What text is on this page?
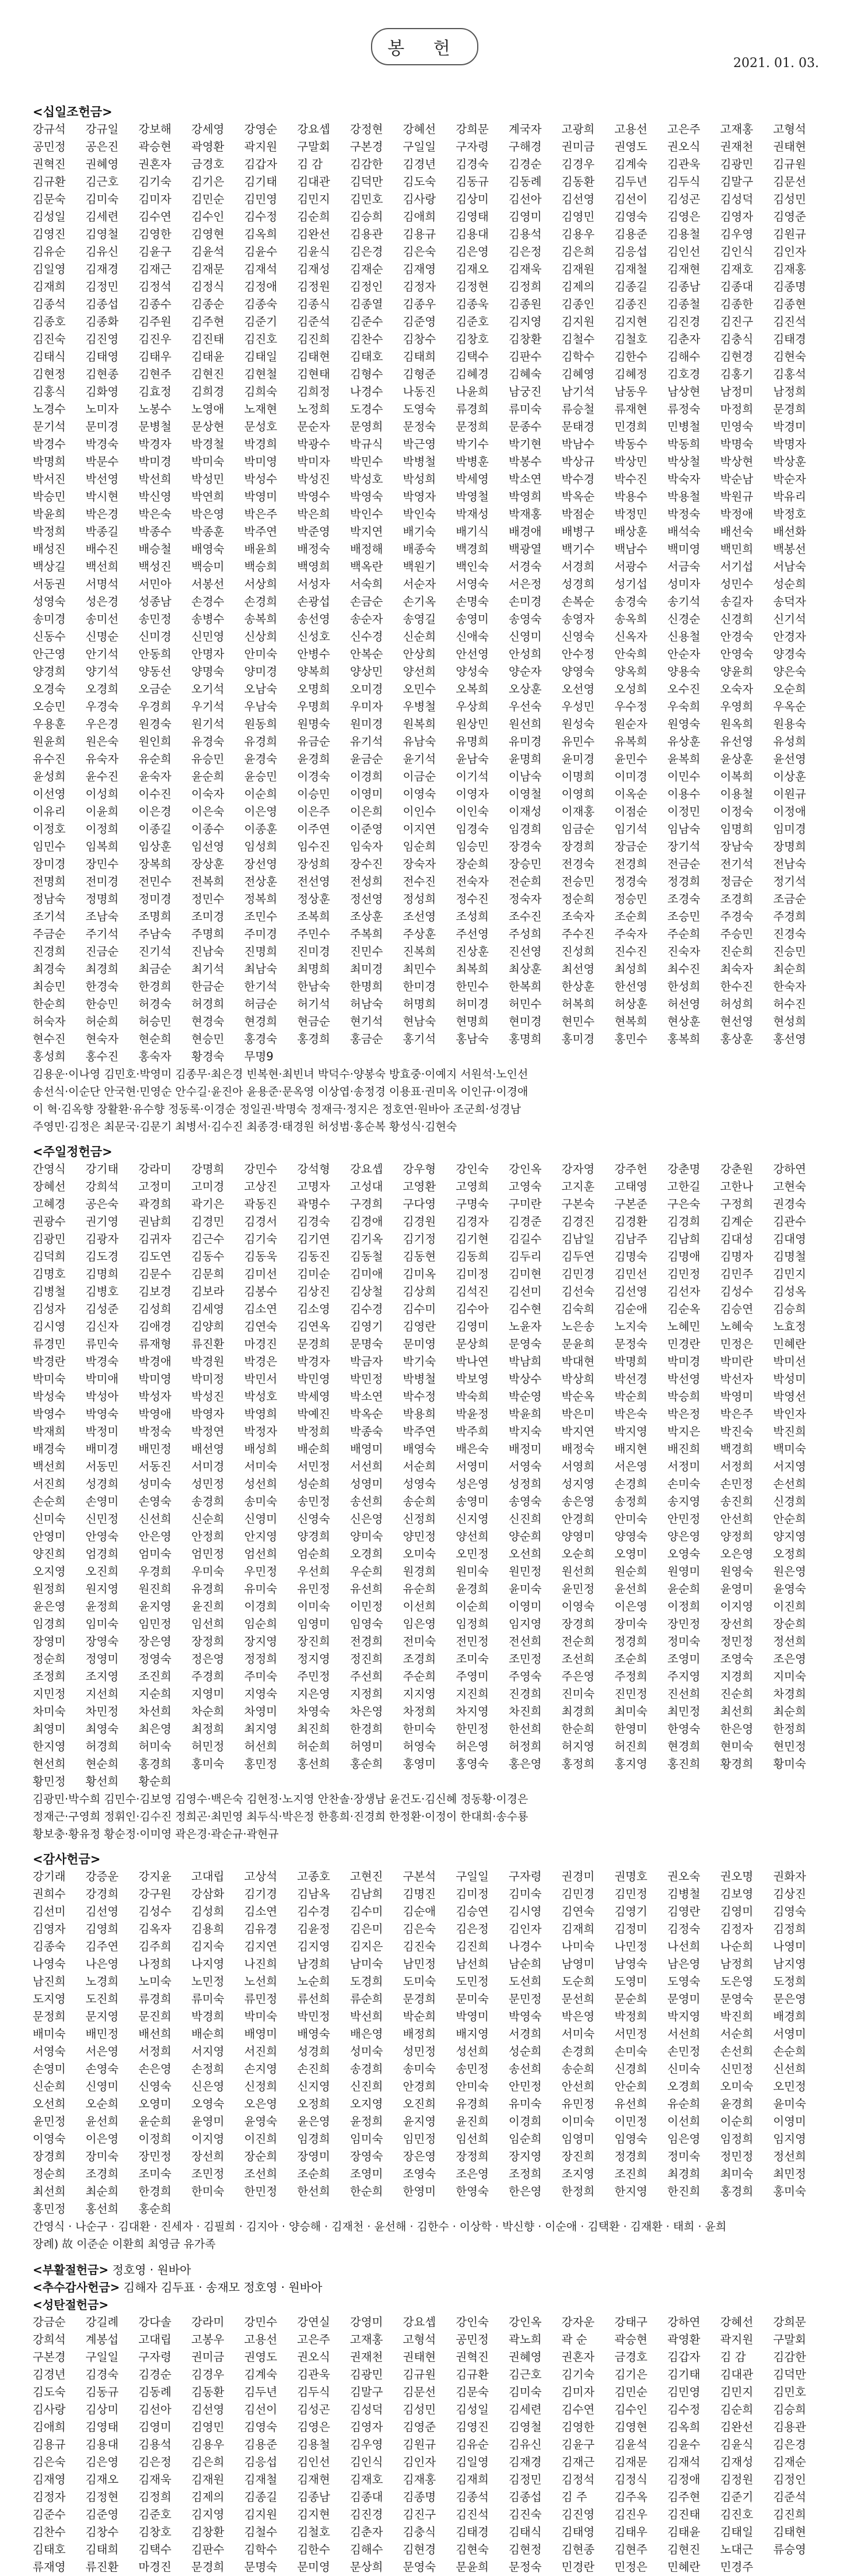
봉 헌
2021. 01. 03.
<십일조헌금>
강규석	강규일	강보해	강세영	강영순	강요셉	강정현	강혜선	강희문	계국자	고광희	고용선	고은주	고재홍	고형석
공민정	공은진	곽승현	곽영환	곽지원	구말회	구본경	구일일	구자령	구해경	권미금	권영도	권오식	권재천	권태현
권혁진	권혜영	권혼자	금경호	김갑자	김 감	김감한	김경년	김경숙	김경순	김경우	김계숙	김관욱	김광민	김규원
김규환	김근호	김기숙	김기은	김기태	김대관	김덕만	김도숙	김동규	김동례	김동환	김두년	김두식	김말구	김문선
김문숙	김미숙	김미자	김민순	김민영	김민지	김민호	김사랑	김상미	김선아	김선영	김선이	김성곤	김성덕	김성민
김성일	김세련	김수연	김수인	김수정	김순희	김승희	김애희	김영태	김영미	김영민	김영숙	김영은	김영자	김영준
김영진	김영철	김영한	김영현	김옥희	김완선	김용관	김용규	김용대	김용석	김용우	김용준	김용철	김우영	김원규
김유순	김유신	김윤구	김윤석	김윤수	김윤식	김은경	김은숙	김은영	김은정	김은희	김응섭	김인선	김인식	김인자
김일영	김재경	김재근	김재문	김재석	김재성	김재순	김재영	김재오	김재욱	김재원	김재철	김재현	김재호	김재홍
김재희	김정민	김정석	김정식	김정애	김정원	김정인	김정자	김정현	김정희	김제의	김종길	김종남	김종대	김종명
김종석	김종섭	김종수	김종순	김종숙	김종식	김종열	김종우	김종욱	김종원	김종인	김종진	김종철	김종한	김종현
김종호	김종화	김주원	김주현	김준기	김준석	김준수	김준영	김준호	김지영	김지원	김지현	김진경	김진구	김진석
김진숙	김진영	김진우	김진태	김진호	김진희	김찬수	김창수	김창호	김창환	김철수	김철호	김춘자	김충식	김태경
김태식	김태영	김태우	김태윤	김태일	김태현	김태호	김태희	김택수	김판수	김학수	김한수	김해수	김현경	김현숙
김현정	김현종	김현주	김현진	김현철	김현태	김형수	김형준	김혜경	김혜숙	김혜영	김혜정	김호경	김홍기	김홍석
김홍식	김화영	김효정	김희경	김희숙	김희정	나경수	나동진	나윤희	남궁진	남기석	남동우	남상현	남정미	남정희
노경수	노미자	노봉수	노영애	노재현	노정희	도경수	도영숙	류경희	류미숙	류승철	류재현	류정숙	마정희	문경희
문기석	문미경	문병철	문상현	문성호	문순자	문영희	문정숙	문정희	문종수	문태경	민경희	민병철	민영숙	박경미
박경수	박경숙	박경자	박경철	박경희	박광수	박규식	박근영	박기수	박기현	박남수	박동수	박동희	박명숙	박명자
박명희	박문수	박미경	박미숙	박미영	박미자	박민수	박병철	박병훈	박봉수	박상규	박상민	박상철	박상현	박상훈
박서진	박선영	박선희	박성민	박성수	박성진	박성호	박성희	박세영	박소연	박수경	박수진	박숙자	박순남	박순자
박승민	박시현	박신영	박연희	박영미	박영수	박영숙	박영자	박영철	박영희	박옥순	박용수	박용철	박원규	박유리
박윤희	박은경	박은숙	박은영	박은주	박은희	박인수	박인숙	박재성	박재홍	박점순	박정민	박정숙	박정애	박정호
박정희	박종길	박종수	박종훈	박주연	박준영	박지연	배기숙	배기식	배경애	배병구	배상훈	배석숙	배선숙	배선화
배성진	배수진	배승철	배영숙	배윤희	배정숙	배정해	배종숙	백경희	백광열	백기수	백남수	백미영	백민희	백봉선
백상길	백선희	백성진	백승미	백승희	백영희	백옥란	백원기	백인숙	서경숙	서경희	서광수	서금숙	서기섭	서남숙
서동권	서명석	서민아	서봉선	서상희	서성자	서숙희	서순자	서영숙	서은정	성경희	성기섭	성미자	성민수	성순희
성영숙	성은경	성종남	손경수	손경희	손광섭	손금순	손기옥	손명숙	손미경	손복순	송경숙	송기석	송길자	송덕자
송미경	송미선	송민정	송병수	송복희	송선영	송순자	송영길	송영미	송영숙	송영자	송옥희	신경순	신경희	신기석
신동수	신명순	신미경	신민영	신상희	신성호	신수경	신순희	신애숙	신영미	신영숙	신옥자	신용철	안경숙	안경자
안근영	안기석	안동희	안명자	안미숙	안병수	안복순	안상희	안선영	안성희	안수정	안숙희	안순자	안영숙	양경숙
양경희	양기석	양동선	양명숙	양미경	양복희	양상민	양선희	양성숙	양순자	양영숙	양옥희	양용숙	양윤희	양은숙
오경숙	오경희	오금순	오기석	오남숙	오명희	오미경	오민수	오복희	오상훈	오선영	오성희	오수진	오숙자	오순희
오승민	우경숙	우경희	우기석	우남숙	우명희	우미자	우병철	우상희	우선숙	우성민	우수정	우숙희	우영희	우옥순
우용훈	우은경	원경숙	원기석	원동희	원명숙	원미경	원복희	원상민	원선희	원성숙	원순자	원영숙	원옥희	원용숙
원윤희	원은숙	원인희	유경숙	유경희	유금순	유기석	유남숙	유명희	유미경	유민수	유복희	유상훈	유선영	유성희
유수진	유숙자	유순희	유승민	윤경숙	윤경희	윤금순	윤기석	윤남숙	윤명희	윤미경	윤민수	윤복희	윤상훈	윤선영
윤성희	윤수진	윤숙자	윤순희	윤승민	이경숙	이경희	이금순	이기석	이남숙	이명희	이미경	이민수	이복희	이상훈
이선영	이성희	이수진	이숙자	이순희	이승민	이영미	이영숙	이영자	이영철	이영희	이옥순	이용수	이용철	이원규
이유리	이윤희	이은경	이은숙	이은영	이은주	이은희	이인수	이인숙	이재성	이재홍	이점순	이정민	이정숙	이정애
이정호	이정희	이종길	이종수	이종훈	이주연	이준영	이지연	임경숙	임경희	임금순	임기석	임남숙	임명희	임미경
임민수	임복희	임상훈	임선영	임성희	임수진	임숙자	임순희	임승민	장경숙	장경희	장금순	장기석	장남숙	장명희
장미경	장민수	장복희	장상훈	장선영	장성희	장수진	장숙자	장순희	장승민	전경숙	전경희	전금순	전기석	전남숙
전명희	전미경	전민수	전복희	전상훈	전선영	전성희	전수진	전숙자	전순희	전승민	정경숙	정경희	정금순	정기석
정남숙	정명희	정미경	정민수	정복희	정상훈	정선영	정성희	정수진	정숙자	정순희	정승민	조경숙	조경희	조금순
조기석	조남숙	조명희	조미경	조민수	조복희	조상훈	조선영	조성희	조수진	조숙자	조순희	조승민	주경숙	주경희
주금순	주기석	주남숙	주명희	주미경	주민수	주복희	주상훈	주선영	주성희	주수진	주숙자	주순희	주승민	진경숙
진경희	진금순	진기석	진남숙	진명희	진미경	진민수	진복희	진상훈	진선영	진성희	진수진	진숙자	진순희	진승민
최경숙	최경희	최금순	최기석	최남숙	최명희	최미경	최민수	최복희	최상훈	최선영	최성희	최수진	최숙자	최순희
최승민	한경숙	한경희	한금순	한기석	한남숙	한명희	한미경	한민수	한복희	한상훈	한선영	한성희	한수진	한숙자
한순희	한승민	허경숙	허경희	허금순	허기석	허남숙	허명희	허미경	허민수	허복희	허상훈	허선영	허성희	허수진
허숙자	허순희	허승민	현경숙	현경희	현금순	현기석	현남숙	현명희	현미경	현민수	현복희	현상훈	현선영	현성희
현수진	현숙자	현순희	현승민	홍경숙	홍경희	홍금순	홍기석	홍남숙	홍명희	홍미경	홍민수	홍복희	홍상훈	홍선영
홍성희	홍수진	홍숙자	황경숙	무명9
김용운·이나영 김민호·박영미 김종무·최은경 빈복현·최빈녀 박덕수·양봉숙 방효중·이예지 서원석·노인선
송선식·이순단 안국현·민영순 안수길·윤진아 윤용준·문옥영 이상엽·송정경 이용표·권미옥 이인규·이경애
이 혁·김옥향 장활환·유수향 정동록·이경순 정일권·박명숙 정재극·정지은 정호연·원바아 조군희·성경남
주영민·김정은 최문국·김문기 최병서·김수진 최종경·태경원 허성범·홍순복 황성식·김현숙
<주일정헌금>
간영식	강기태	강라미	강명희	강민수	강석형	강요셉	강우형	강인숙	강인옥	강자영	강주헌	강춘명	강춘원	강하연
장혜선	강희석	고정미	고미경	고상진	고명자	고성대	고영환	고영희	고영숙	고지훈	고태영	고한길	고한나	고현숙
고혜경	공은숙	곽경희	곽기은	곽동진	곽명수	구경희	구다영	구명숙	구미란	구본숙	구본준	구은숙	구정희	권경숙
권광수	권기영	권남희	김경민	김경서	김경숙	김경애	김경원	김경자	김경준	김경진	김경환	김경희	김계순	김관수
김광민	김광자	김귀자	김근수	김기숙	김기연	김기옥	김기정	김기현	김길수	김남일	김남주	김남희	김대성	김대영
김덕희	김도경	김도연	김동수	김동욱	김동진	김동철	김동현	김동희	김두리	김두연	김명숙	김명애	김명자	김명철
김명호	김명희	김문수	김문희	김미선	김미순	김미애	김미옥	김미정	김미현	김민경	김민선	김민정	김민주	김민지
김병철	김병호	김보경	김보라	김봉수	김상진	김상철	김상희	김석진	김선미	김선숙	김선영	김선자	김성수	김성옥
김성자	김성준	김성희	김세영	김소연	김소영	김수경	김수미	김수아	김수현	김숙희	김순애	김순옥	김승연	김승희
김시영	김신자	김애경	김양희	김연숙	김연옥	김영기	김영란	김영미	노윤자	노은송	노지숙	노혜민	노혜숙	노효정
류경민	류민숙	류재형	류진환	마경진	문경희	문명숙	문미영	문상희	문영숙	문윤희	문정숙	민경란	민정은	민혜란
박경란	박경숙	박경애	박경원	박경은	박경자	박금자	박기숙	박나연	박남희	박대현	박명희	박미경	박미란	박미선
박미숙	박미애	박미영	박미정	박민서	박민영	박민정	박병철	박보영	박상수	박상희	박선경	박선영	박선자	박성미
박성숙	박성아	박성자	박성진	박성호	박세영	박소연	박수정	박숙희	박순영	박순옥	박순희	박승희	박영미	박영선
박영수	박영숙	박영애	박영자	박영희	박예진	박옥순	박용희	박윤정	박윤희	박은미	박은숙	박은정	박은주	박인자
박재희	박정미	박정숙	박정연	박정자	박정희	박종숙	박주연	박주희	박지숙	박지연	박지영	박지은	박진숙	박진희
배경숙	배미경	배민정	배선영	배성희	배순희	배영미	배영숙	배은숙	배정미	배정숙	배지현	배진희	백경희	백미숙
백선희	서동민	서동진	서미경	서미숙	서민정	서선희	서순희	서영미	서영숙	서영희	서은영	서정미	서정희	서지영
서진희	성경희	성미숙	성민정	성선희	성순희	성영미	성영숙	성은영	성정희	성지영	손경희	손미숙	손민정	손선희
손순희	손영미	손영숙	송경희	송미숙	송민정	송선희	송순희	송영미	송영숙	송은영	송정희	송지영	송진희	신경희
신미숙	신민정	신선희	신순희	신영미	신영숙	신은영	신정희	신지영	신진희	안경희	안미숙	안민정	안선희	안순희
안영미	안영숙	안은영	안정희	안지영	양경희	양미숙	양민정	양선희	양순희	양영미	양영숙	양은영	양정희	양지영
양진희	엄경희	엄미숙	엄민정	엄선희	엄순희	오경희	오미숙	오민정	오선희	오순희	오영미	오영숙	오은영	오정희
오지영	오진희	우경희	우미숙	우민정	우선희	우순희	원경희	원미숙	원민정	원선희	원순희	원영미	원영숙	원은영
원정희	원지영	원진희	유경희	유미숙	유민정	유선희	유순희	윤경희	윤미숙	윤민정	윤선희	윤순희	윤영미	윤영숙
윤은영	윤정희	윤지영	윤진희	이경희	이미숙	이민정	이선희	이순희	이영미	이영숙	이은영	이정희	이지영	이진희
임경희	임미숙	임민정	임선희	임순희	임영미	임영숙	임은영	임정희	임지영	장경희	장미숙	장민정	장선희	장순희
장영미	장영숙	장은영	장정희	장지영	장진희	전경희	전미숙	전민정	전선희	전순희	정경희	정미숙	정민정	정선희
정순희	정영미	정영숙	정은영	정정희	정지영	정진희	조경희	조미숙	조민정	조선희	조순희	조영미	조영숙	조은영
조정희	조지영	조진희	주경희	주미숙	주민정	주선희	주순희	주영미	주영숙	주은영	주정희	주지영	지경희	지미숙
지민정	지선희	지순희	지영미	지영숙	지은영	지정희	지지영	지진희	진경희	진미숙	진민정	진선희	진순희	차경희
차미숙	차민정	차선희	차순희	차영미	차영숙	차은영	차정희	차지영	차진희	최경희	최미숙	최민정	최선희	최순희
최영미	최영숙	최은영	최정희	최지영	최진희	한경희	한미숙	한민정	한선희	한순희	한영미	한영숙	한은영	한정희
한지영	허경희	허미숙	허민정	허선희	허순희	허영미	허영숙	허은영	허정희	허지영	허진희	현경희	현미숙	현민정
현선희	현순희	홍경희	홍미숙	홍민정	홍선희	홍순희	홍영미	홍영숙	홍은영	홍정희	홍지영	홍진희	황경희	황미숙
황민정	황선희	황순희
김광민·박수희 김민수·김보영 김영수·백은숙 김현정·노지영 안찬솔·장생남 윤건도·김신혜 정동황·이경은
정재근·구영희 정휘인·김수진 정희곤·최민영 최두식·박은정 한흥희·진경희 한정환·이정이 한대희·송수룡
황보충·황유정 황순정·이미영 곽은경·곽순규·곽현규
<감사헌금>
강기래	강증운	강지윤	고대립	고상석	고종호	고현진	구본석	구일일	구자령	권경미	권명호	권오숙	권오명	권화자
권희수	강경희	강구원	강삼화	김기경	김남옥	김남희	김명진	김미정	김미숙	김민경	김민정	김병철	김보영	김상진
김선미	김선영	김성수	김성희	김소연	김수경	김수미	김순애	김승연	김시영	김연숙	김영기	김영란	김영미	김영숙
김영자	김영희	김옥자	김용희	김유경	김윤정	김은미	김은숙	김은정	김인자	김재희	김정미	김정숙	김정자	김정희
김종숙	김주연	김주희	김지숙	김지연	김지영	김지은	김진숙	김진희	나경수	나미숙	나민정	나선희	나순희	나영미
나영숙	나은영	나정희	나지영	나진희	남경희	남미숙	남민정	남선희	남순희	남영미	남영숙	남은영	남정희	남지영
남진희	노경희	노미숙	노민정	노선희	노순희	도경희	도미숙	도민정	도선희	도순희	도영미	도영숙	도은영	도정희
도지영	도진희	류경희	류미숙	류민정	류선희	류순희	문경희	문미숙	문민정	문선희	문순희	문영미	문영숙	문은영
문정희	문지영	문진희	박경희	박미숙	박민정	박선희	박순희	박영미	박영숙	박은영	박정희	박지영	박진희	배경희
배미숙	배민정	배선희	배순희	배영미	배영숙	배은영	배정희	배지영	서경희	서미숙	서민정	서선희	서순희	서영미
서영숙	서은영	서정희	서지영	서진희	성경희	성미숙	성민정	성선희	성순희	손경희	손미숙	손민정	손선희	손순희
손영미	손영숙	손은영	손정희	손지영	손진희	송경희	송미숙	송민정	송선희	송순희	신경희	신미숙	신민정	신선희
신순희	신영미	신영숙	신은영	신정희	신지영	신진희	안경희	안미숙	안민정	안선희	안순희	오경희	오미숙	오민정
오선희	오순희	오영미	오영숙	오은영	오정희	오지영	오진희	유경희	유미숙	유민정	유선희	유순희	윤경희	윤미숙
윤민정	윤선희	윤순희	윤영미	윤영숙	윤은영	윤정희	윤지영	윤진희	이경희	이미숙	이민정	이선희	이순희	이영미
이영숙	이은영	이정희	이지영	이진희	임경희	임미숙	임민정	임선희	임순희	임영미	임영숙	임은영	임정희	임지영
장경희	장미숙	장민정	장선희	장순희	장영미	장영숙	장은영	장정희	장지영	장진희	정경희	정미숙	정민정	정선희
정순희	조경희	조미숙	조민정	조선희	조순희	조영미	조영숙	조은영	조정희	조지영	조진희	최경희	최미숙	최민정
최선희	최순희	한경희	한미숙	한민정	한선희	한순희	한영미	한영숙	한은영	한정희	한지영	한진희	홍경희	홍미숙
홍민정	홍선희	홍순희
간영식 · 나순구 · 김대환 · 진세자 · 김필희 · 김지아 · 양승해 · 김재천 · 윤선해 · 김한수 · 이상학 · 박신향 · 이순애 · 김택환 · 김재환 · 태희 · 윤희
장례) 故 이준순 이환희 최영금 유가족
<부활절헌금> 정호영 · 원바아
<추수감사헌금> 김해자 김두표 · 송재모 정호영 · 원바아
<성탄절헌금>
강금순	강길례	강다솔	강라미	강민수	강연실	강영미	강요셉	강인숙	강인옥	강자운	강태구	강하연	강혜선	강희문
강희석	계봉섭	고대립	고봉우	고용선	고은주	고재홍	고형석	공민정	곽노희	곽 순	곽승현	곽영환	곽지원	구말회
구본경	구일일	구자령	권미금	권영도	권오식	권재천	권태현	권혁진	권혜영	권혼자	금경호	김갑자	김 감	김감한
김경년	김경숙	김경순	김경우	김계숙	김관욱	김광민	김규원	김규환	김근호	김기숙	김기은	김기태	김대관	김덕만
김도숙	김동규	김동례	김동환	김두년	김두식	김말구	김문선	김문숙	김미숙	김미자	김민순	김민영	김민지	김민호
김사랑	김상미	김선아	김선영	김선이	김성곤	김성덕	김성민	김성일	김세련	김수연	김수인	김수정	김순희	김승희
김애희	김영태	김영미	김영민	김영숙	김영은	김영자	김영준	김영진	김영철	김영한	김영현	김옥희	김완선	김용관
김용규	김용대	김용석	김용우	김용준	김용철	김우영	김원규	김유순	김유신	김윤구	김윤석	김윤수	김윤식	김은경
김은숙	김은영	김은정	김은희	김응섭	김인선	김인식	김인자	김일영	김재경	김재근	김재문	김재석	김재성	김재순
김재영	김재오	김재욱	김재원	김재철	김재현	김재호	김재홍	김재희	김정민	김정석	김정식	김정애	김정원	김정인
김정자	김정현	김정희	김제의	김종길	김종남	김종대	김종명	김종석	김종섭	김 주	김주옥	김주현	김준기	김준석
김준수	김준영	김준호	김지영	김지원	김지현	김진경	김진구	김진석	김진숙	김진영	김진우	김진태	김진호	김진희
김찬수	김창수	김창호	김창환	김철수	김철호	김춘자	김충식	김태경	김태식	김태영	김태우	김태윤	김태일	김태현
김태호	김태희	김택수	김판수	김학수	김한수	김해수	김현경	김현숙	김현정	김현종	김현주	김현진	노대근	류승영
류재영	류진환	마경진	문경희	문명숙	문미영	문상희	문영숙	문윤희	문정숙	민경란	민정은	민혜란	민경주
